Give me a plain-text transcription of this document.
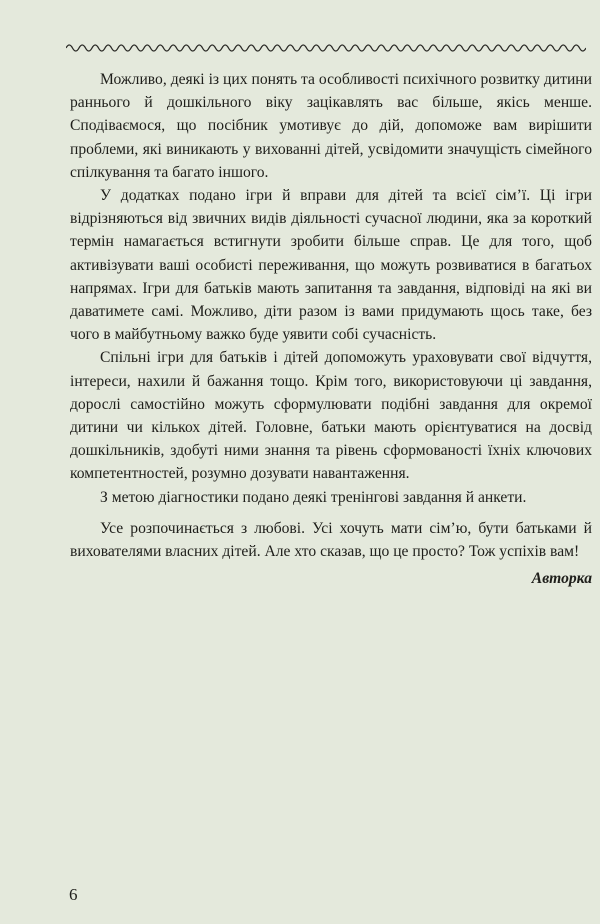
Можливо, деякі із цих понять та особливості психічного розвитку дитини раннього й дошкільного віку зацікавлять вас більше, якісь менше. Сподіваємося, що посібник умотивує до дій, допоможе вам вирішити проблеми, які виникають у вихованні дітей, усвідомити значущість сімейного спілкування та багато іншого.

У додатках подано ігри й вправи для дітей та всієї сім’ї. Ці ігри відрізняються від звичних видів діяльності сучасної людини, яка за короткий термін намагається встигнути зробити більше справ. Це для того, щоб активізувати ваші особисті переживання, що можуть розвиватися в багатьох напрямах. Ігри для батьків мають запитання та завдання, відповіді на які ви даватимете самі. Можливо, діти разом із вами придумають щось таке, без чого в майбутньому важко буде уявити собі сучасність.

Спільні ігри для батьків і дітей допоможуть ураховувати свої відчуття, інтереси, нахили й бажання тощо. Крім того, використовуючи ці завдання, дорослі самостійно можуть сформулювати подібні завдання для окремої дитини чи кількох дітей. Головне, батьки мають орієнтуватися на досвід дошкільників, здобуті ними знання та рівень сформованості їхніх ключових компетентностей, розумно дозувати навантаження.

З метою діагностики подано деякі тренінгові завдання й анкети.

Усе розпочинається з любові. Усі хочуть мати сім’ю, бути батьками й вихователями власних дітей. Але хто сказав, що це просто? Тож успіхів вам!

Авторка
6
